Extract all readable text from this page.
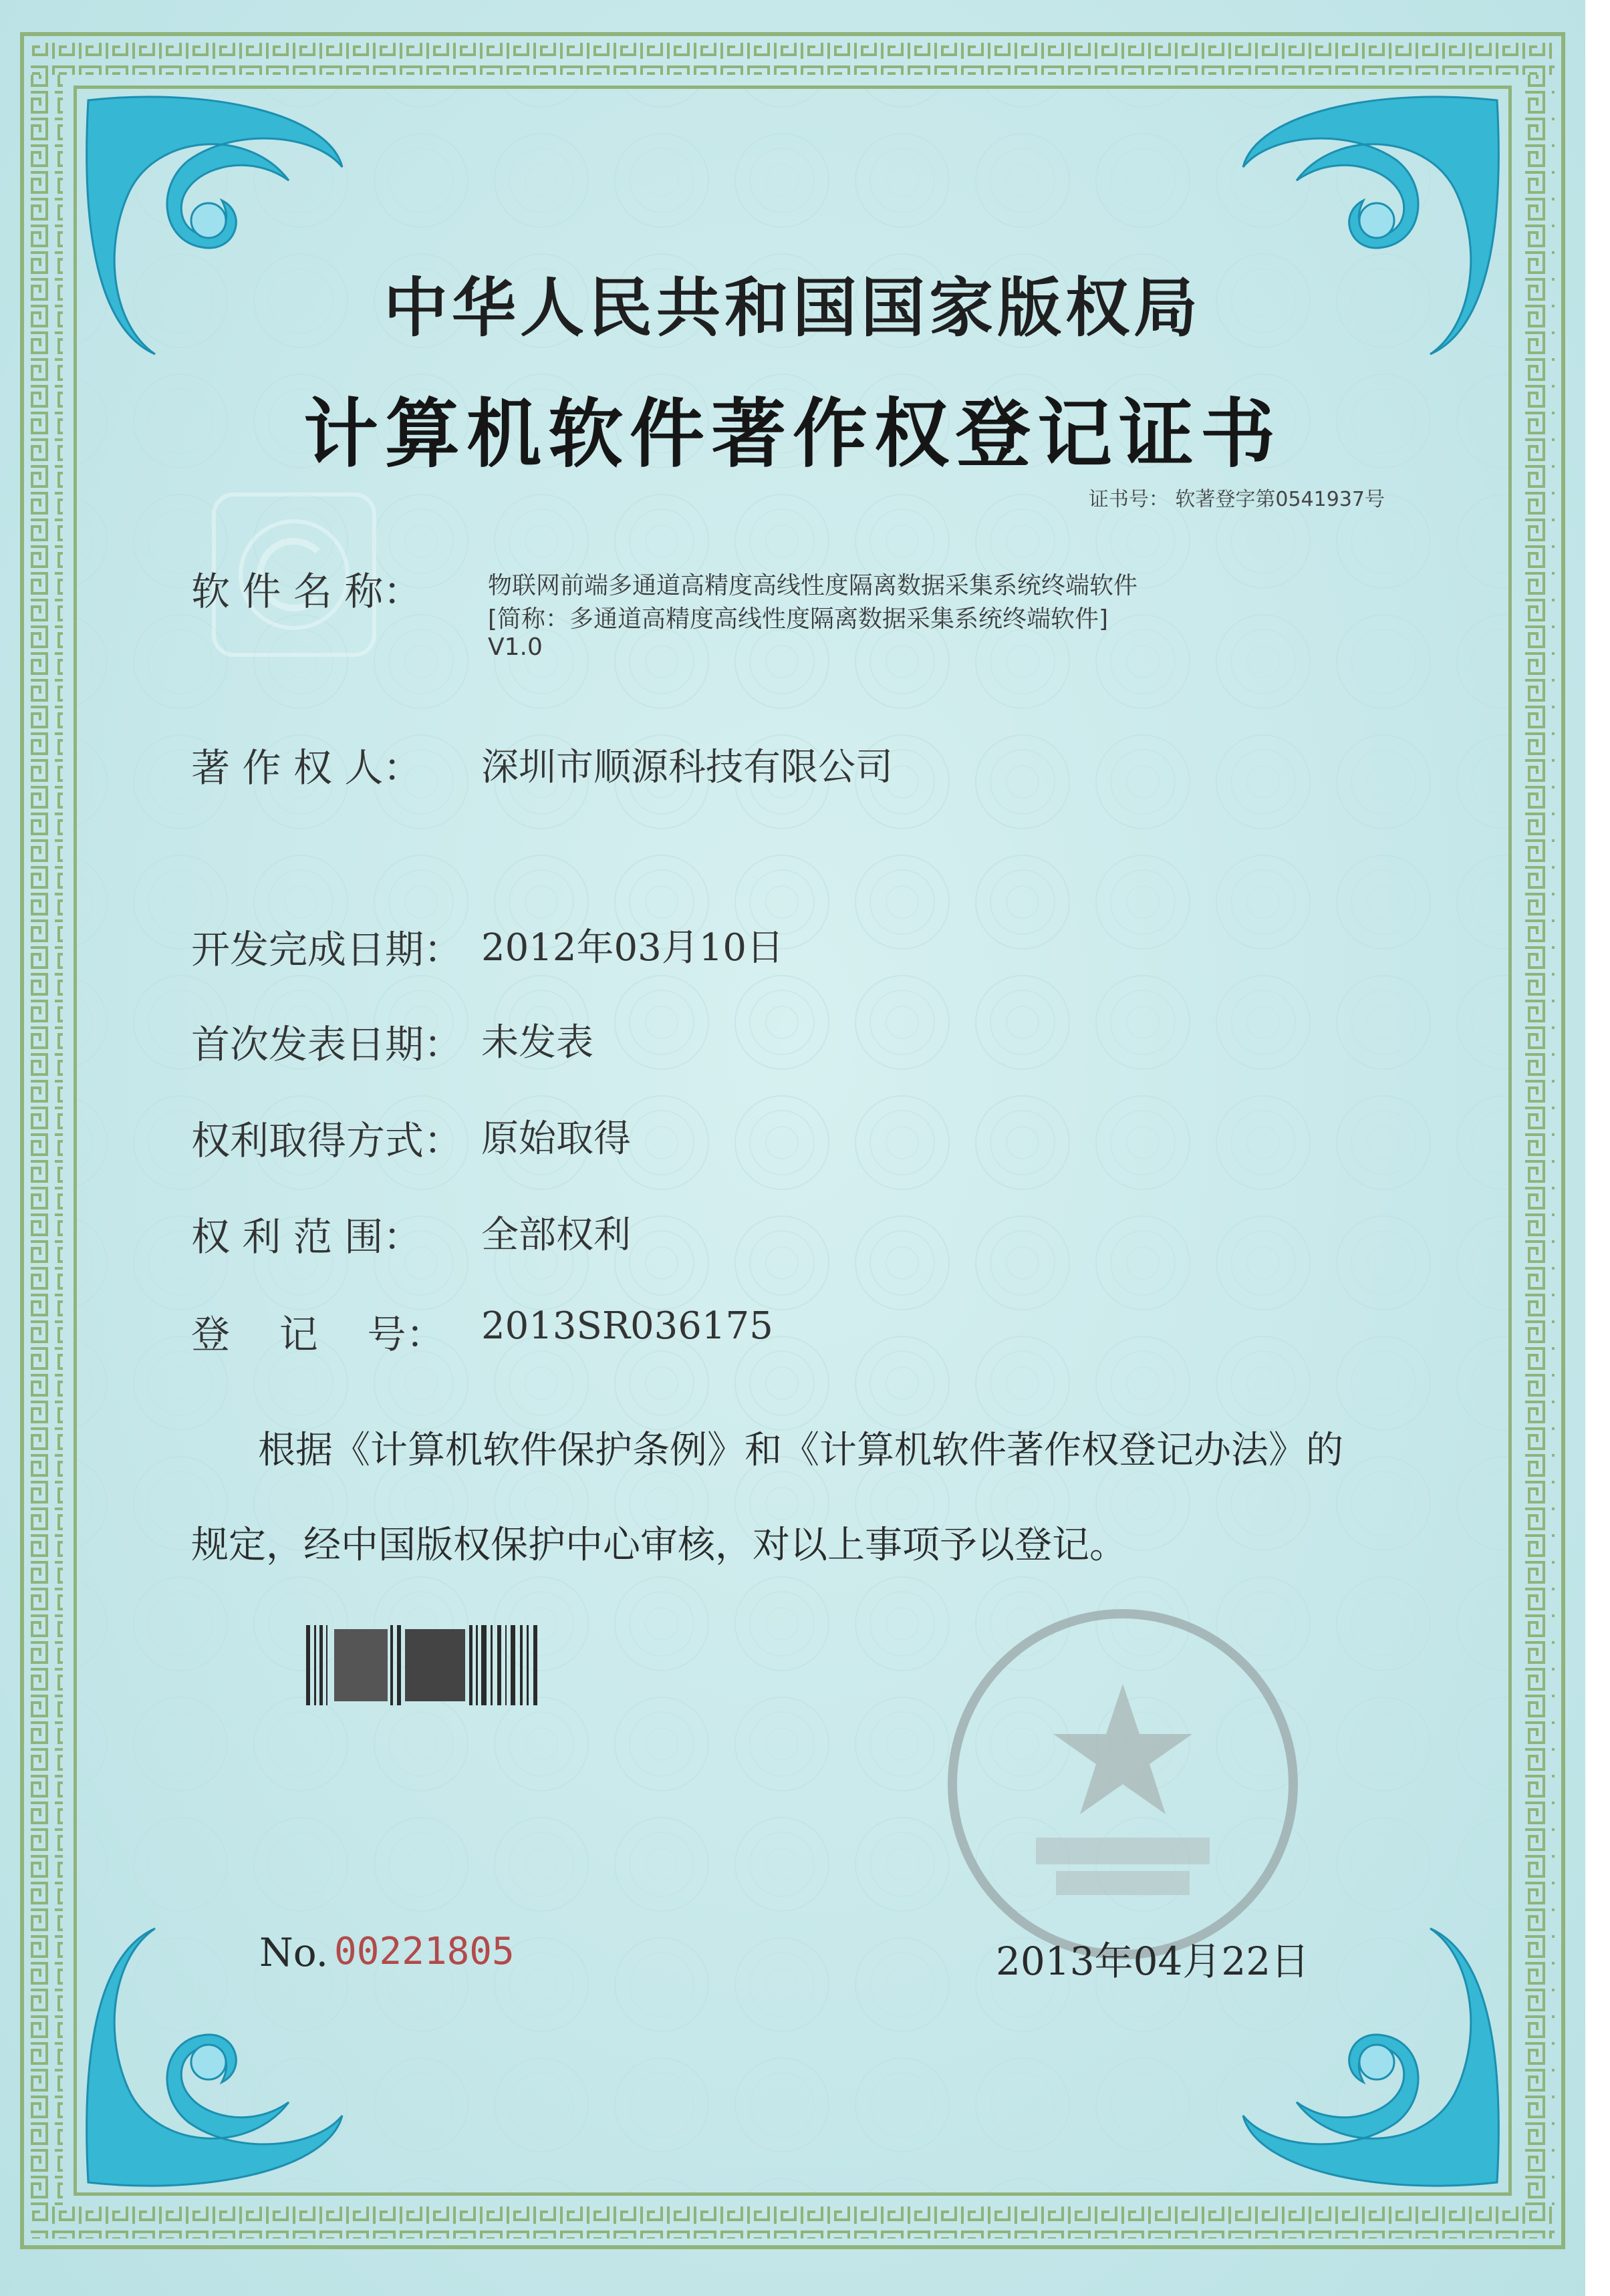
中华人民共和国国家版权局
计算机软件著作权登记证书
证书号： 软著登字第0541937号
软 件 名 称：	物联网前端多通道高精度高线性度隔离数据采集系统终端软件
[简称：多通道高精度高线性度隔离数据采集系统终端软件]
V1.0
著 作 权 人： 深圳市顺源科技有限公司
开发完成日期： 2012年03月10日
首次发表日期： 未发表
权利取得方式： 原始取得
权 利 范 围： 全部权利
登    记    号： 2013SR036175
根据《计算机软件保护条例》和《计算机软件著作权登记办法》的
规定，经中国版权保护中心审核，对以上事项予以登记。
No. 00221805	2013年04月22日
